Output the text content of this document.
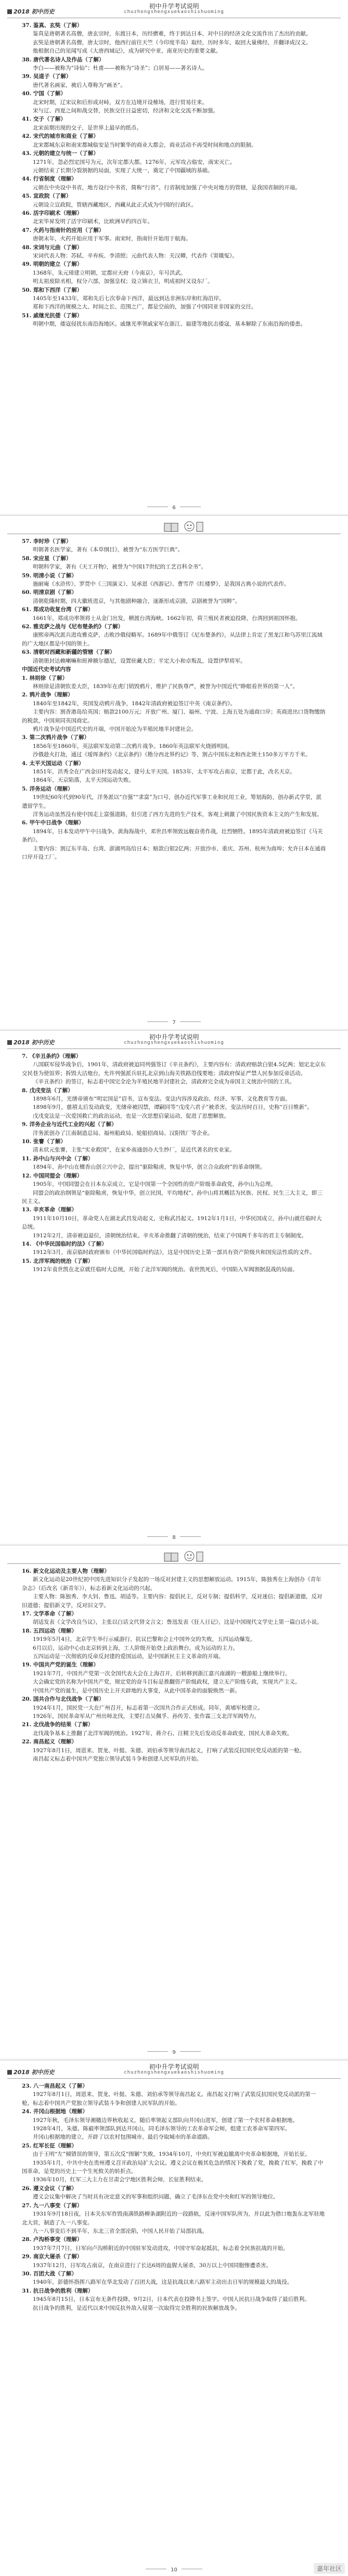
2018 初中历史
初中升学考试说明
chuzhongshengxuekaoshishuoming

37. 鉴真、玄奘（了解）

鉴真是唐朝著名高僧，唐玄宗时，东渡日本，历经磨难，终于到达日本，对中日的经济文化交流作出了杰出的贡献。

玄奘是唐朝著名高僧，唐太宗时，他西行前往天竺（今印度半岛）取经，历时多年，取回大量佛经，并翻译成汉文。

他根据自己的见闻写成《大唐西域记》，成为研究中亚、南亚历史的重要文献。

38. 唐代著名诗人及作品（了解）

李白——被称为“诗仙”；杜甫——被称为“诗圣”；白居易——著名诗人。

39. 吴道子（了解）

唐代著名画家，被后人尊称为“画圣”。

40. 宁国（了解）

北宋时期，辽宋议和后形成对峙，双方在边境开设榷场，进行贸易往来。

宋与辽、西夏之间和战交替，民族交往日益密切，经济和文化交流不断加强。

41. 交子（了解）

北宋前期出现的交子，是世界上最早的纸币。

42. 宋代的城市和商业（了解）

北宋都城东京和南宋都城临安是当时繁华的商业大都会，商业活动不再受时间和地点的限制。

43. 元朝的建立与统一（了解）

1271年，忽必烈定国号为元，次年定都大都。1276年，元军攻占临安，南宋灭亡。

元朝结束了长期分裂割据的局面，实现了大统一，奠定了中国疆域的基础。

44. 行省制度（理解）

元朝在中央设中书省，地方设行中书省，简称“行省”。行省制度加强了中央对地方的管辖，是我国省制的开端。

45. 宣政院（了解）

元朝设立宣政院，管辖西藏地区，西藏从此正式成为中国的行政区。

46. 活字印刷术（理解）

北宋毕昇发明了活字印刷术，比欧洲早约四百年。

47. 火药与指南针的应用（了解）

唐朝末年，火药开始应用于军事。南宋时，指南针开始用于航海。

48. 宋词与元曲（了解）

宋词代表人物：苏轼、辛弃疾、李清照；元曲代表人物：关汉卿，代表作《窦娥冤》。

49. 明朝的建立（了解）

1368年，朱元璋建立明朝，定都应天府（今南京），年号洪武。

明太祖废除丞相，权分六部，加强皇权；设立锦衣卫，明成祖时又设东厂。

50. 郑和下西洋（了解）

1405年至1433年，郑和先后七次奉命下西洋，最远到达非洲东岸和红海沿岸。

郑和下西洋的规模之大、时间之长、范围之广，都是空前的，加强了中国同亚非国家的交往。

51. 戚继光抗倭（了解）

明朝中期，倭寇侵扰东南沿海地区。戚继光率领戚家军在浙江、福建等地抗击倭寇，基本解除了东南沿海的倭患。

6

57. 李时珍（了解）

明朝著名医学家，著有《本草纲目》，被誉为“东方医学巨典”。

58. 宋应星（了解）

明朝科学家，著有《天工开物》，被誉为“中国17世纪的工艺百科全书”。

59. 明清小说（了解）

施耐庵《水浒传》、罗贯中《三国演义》、吴承恩《西游记》、曹雪芹《红楼梦》，是我国古典小说的代表作。

60. 明清京剧（了解）

清朝乾隆时期，四大徽班进京，与其他剧种融合，逐渐形成京剧，京剧被誉为“国粹”。

61. 郑成功收复台湾（了解）

1661年，郑成功率领将士从金门出发，横渡台湾海峡。1662年初，荷兰殖民者被迫投降，台湾回到祖国怀抱。

62. 雅克萨之战与《尼布楚条约》（了解）

康熙帝两次派兵进攻雅克萨，击败沙俄侵略军。1689年中俄签订《尼布楚条约》，从法律上肯定了黑龙江和乌苏里江流域的广大地区都是中国的领土。

63. 清朝对西藏和新疆的管辖（了解）

清朝册封达赖喇嘛和班禅额尔德尼，设置驻藏大臣；平定大小和卓叛乱，设置伊犁将军。

中国近代史考试内容

1. 林则徐（了解）

林则徐是清朝钦差大臣，1839年在虎门销毁鸦片，维护了民族尊严，被誉为中国近代“睁眼看世界的第一人”。

2. 鸦片战争（理解）

1840年至1842年，英国发动鸦片战争，1842年清政府被迫签订中英《南京条约》。

主要内容：割香港岛给英国；赔款2100万元；开放广州、厦门、福州、宁波、上海五处为通商口岸；英商进出口货物缴纳的税款，中国须同英国商定。

鸦片战争是中国近代史的开端，中国开始沦为半殖民地半封建社会。

3. 第二次鸦片战争（了解）

1856年至1860年，英法联军发动第二次鸦片战争。1860年英法联军火烧圆明园。

沙俄趁火打劫，通过《瑷珲条约》《北京条约》《勘分西北界约记》等，割占中国东北和西北领土150多万平方千米。

4. 太平天国运动（了解）

1851年，洪秀全在广西金田村发动起义，建号太平天国。1853年，太平军攻占南京，定都于此，改名天京。

1864年，天京陷落，太平天国运动失败。

5. 洋务运动（理解）

19世纪60年代到90年代，洋务派以“自强”“求富”为口号，创办近代军事工业和民用工业，筹划海防，创办新式学堂，派遣留学生。

洋务运动虽然没有使中国走上富强道路，但引进了西方先进的生产技术，客观上刺激了中国民族资本主义的产生和发展。

6. 甲午中日战争（理解）

1894年，日本发动甲午中日战争。黄海海战中，邓世昌率领致远舰奋勇作战，壮烈牺牲。1895年清政府被迫签订《马关条约》。

主要内容：割辽东半岛、台湾、澎湖列岛给日本；赔款白银2亿两；开放沙市、重庆、苏州、杭州为商埠；允许日本在通商口岸开设工厂。

7
2018 初中历史
初中升学考试说明
chuzhongshengxuekaoshishuoming

7. 《辛丑条约》（理解）

八国联军侵华战争后，1901年，清政府被迫同列强签订《辛丑条约》，主要内容有：清政府赔款白银4.5亿两；划定北京东交民巷为使馆界；拆毁大沽炮台，允许列强派兵驻扎北京到山海关铁路沿线要地；清政府保证严禁人民参加反帝活动。

《辛丑条约》的签订，标志着中国完全沦为半殖民地半封建社会，清政府完全成为帝国主义统治中国的工具。

8. 戊戌变法（了解）

1898年6月，光绪帝颁布“明定国是”诏书，宣布变法。变法内容涉及政治、经济、军事、文化教育等方面。

1898年9月，慈禧太后发动政变，光绪帝被囚禁，谭嗣同等“戊戌六君子”被杀害，变法历时百日，史称“百日维新”。

戊戌变法是一次爱国救亡的政治运动，也是一次思想启蒙运动，促进了思想解放。

9. 洋务企业与近代工业的兴起（了解）

洋务派创办了江南制造总局、福州船政局、轮船招商局、汉阳铁厂等企业。

10. 张謇（了解）

清末状元张謇，主张“实业救国”，在家乡南通创办大生纱厂，是近代著名的实业家。

11. 孙中山与兴中会（了解）

1894年，孙中山在檀香山创立兴中会，提出“驱除鞑虏，恢复中华，创立合众政府”的革命纲领。

12. 中国同盟会（理解）

1905年，中国同盟会在日本东京成立，它是中国第一个全国性的资产阶级革命政党，孙中山为总理。

同盟会的政治纲领是“驱除鞑虏，恢复中华，创立民国，平均地权”。孙中山将其概括为民族、民权、民生三大主义，即三民主义。

13. 辛亥革命（理解）

1911年10月10日，革命党人在湖北武昌发动起义，史称武昌起义。1912年1月1日，中华民国成立，孙中山就任临时大总统。

1912年2月，清帝被迫退位，清朝统治结束。辛亥革命推翻了清朝的统治，结束了中国两千多年的君主专制制度。

14. 《中华民国临时约法》（了解）

1912年3月，南京临时政府颁布《中华民国临时约法》，这是中国历史上第一部具有资产阶级共和国宪法性质的文件。

15. 北洋军阀的统治（了解）

1912年袁世凯在北京就任临时大总统，开始了北洋军阀的统治。袁世凯死后，中国陷入军阀割据混战的局面。

8

16. 新文化运动及主要人物（理解）

新文化运动是20世纪初中国先进知识分子发起的一场反对封建主义的思想解放运动。1915年，陈独秀在上海创办《青年杂志》（后改名《新青年》），标志着新文化运动的兴起。

主要人物：陈独秀、李大钊、鲁迅、胡适等。主要内容：提倡民主，反对专制；提倡科学，反对迷信；提倡新道德，反对旧道德；提倡新文学，反对旧文学。

17. 文学革命（了解）

胡适发表《文学改良刍议》，主张以白话文代替文言文；鲁迅发表《狂人日记》，这是中国现代文学史上第一篇白话小说。

18. 五四运动（理解）

1919年5月4日，北京学生举行示威游行，抗议巴黎和会上中国外交的失败，五四运动爆发。

6月以后，运动中心由北京转到上海，工人阶级开始登上政治舞台，成为运动的主力。

五四运动是一次彻底的反帝反封建的爱国运动，是中国新民主主义革命的开端。

19. 中国共产党的诞生（理解）

1921年7月，中国共产党第一次全国代表大会在上海召开，后转移到浙江嘉兴南湖的一艘游船上继续举行。

大会确定党的名称为中国共产党，规定党的奋斗目标是推翻资产阶级政权，建立无产阶级专政，实现共产主义。

中国共产党的诞生，是中国历史上开天辟地的大事变，从此中国革命的面貌焕然一新。

20. 国共合作与北伐战争（了解）

1924年1月，国民党一大在广州召开，标志着第一次国共合作正式形成。同年，黄埔军校建立。

1926年，国民革命军从广州出师北伐，主要打击吴佩孚、孙传芳、张作霖三支北洋军阀势力。

21. 北伐战争的结果（了解）

北伐战争基本上推翻了北洋军阀的统治。1927年，蒋介石、汪精卫先后发动反革命政变，国民大革命失败。

22. 南昌起义（理解）

1927年8月1日，周恩来、贺龙、叶挺、朱德、刘伯承等领导南昌起义，打响了武装反抗国民党反动派的第一枪。

南昌起义标志着中国共产党独立领导武装斗争和创建人民军队的开始。

9
2018 初中历史
初中升学考试说明
chuzhongshengxuekaoshishuoming

23. 八一南昌起义（了解）

1927年8月1日，周恩来、贺龙、叶挺、朱德、刘伯承等领导南昌起义。南昌起义打响了武装反抗国民党反动派的第一枪，标志着中国共产党独立领导武装斗争和创建人民军队的开始。

24. 井冈山根据地（理解）

1927年秋，毛泽东领导湘赣边界秋收起义，随后率领起义部队向井冈山进军，创建了第一个农村革命根据地。

1928年4月，朱德、陈毅率领部队到达井冈山，同毛泽东领导的工农革命军会师，组建工农革命军第四军。

井冈山根据地的建立，开辟了以农村包围城市、最后夺取城市的革命道路。

25. 红军长征（理解）

由于王明“左”倾错误的领导，第五次反“围剿”失败，1934年10月，中央红军被迫撤离中央革命根据地，开始长征。

1935年1月，中共中央在贵州遵义召开政治局扩大会议。遵义会议在极其危急的情况下挽救了党，挽救了红军，挽救了中国革命，是党的历史上一个生死攸关的转折点。

1936年10月，红军三大主力在甘肃会宁地区胜利会师，长征胜利结束。

26. 遵义会议（了解）

遵义会议集中解决了当时具有决定意义的军事和组织问题，确立了毛泽东在党中央和红军的领导地位。

27. 九一八事变（了解）

1931年9月18日夜，日本关东军炸毁南满铁路柳条湖附近的一段路轨，反诬中国军队所为，并以此为借口炮轰东北军驻地北大营，制造了九一八事变。

九一八事变后不到半年，东北三省全部沦陷，中国人民开始了局部抗战。

28. 卢沟桥事变（理解）

1937年7月7日，日军向卢沟桥附近的中国驻军发动进攻，中国守军奋起抵抗，标志着全民族抗战的开始。

29. 南京大屠杀（了解）

1937年12月，日军攻占南京，在南京进行了长达6周的血腥大屠杀，30万以上中国同胞惨遭杀害。

30. 百团大战（了解）

1940年，彭德怀指挥八路军在华北发动了百团大战，这是抗战以来八路军主动出击日军的规模最大的战役。

31. 抗日战争的胜利（理解）

1945年8月15日，日本宣布无条件投降。9月2日，日本代表在投降书上签字。中国人民抗日战争取得了最后胜利。

抗日战争的胜利，是近代以来中国反抗外敌入侵第一次取得完全胜利的民族解放战争。

10	嘉年社区
